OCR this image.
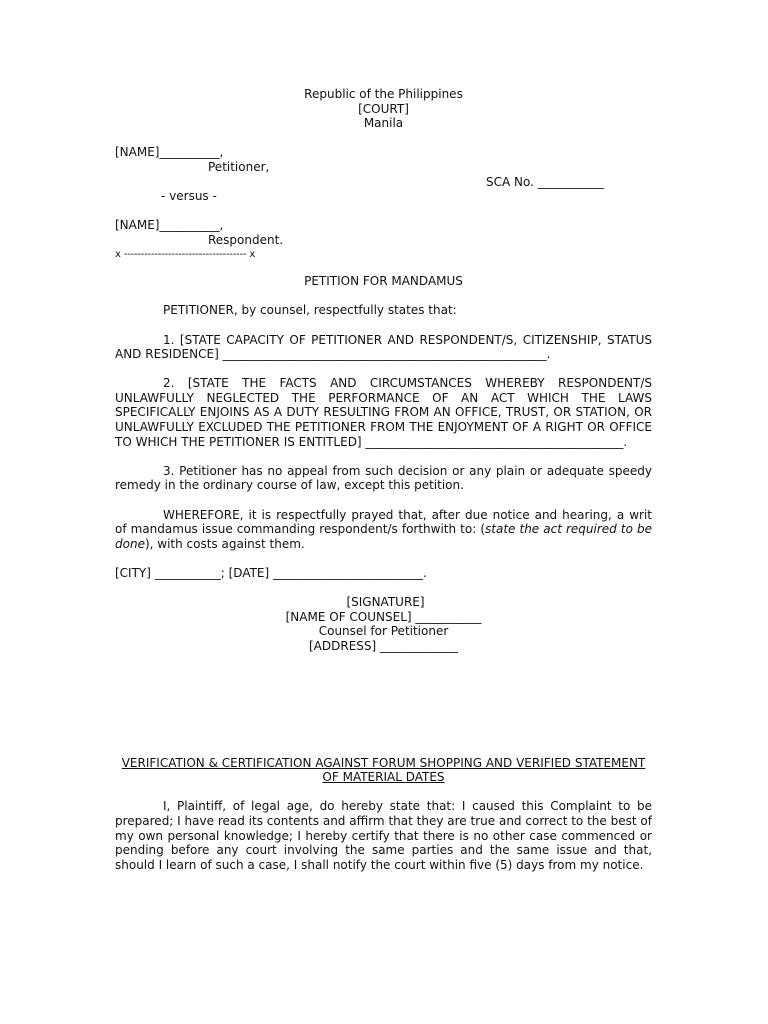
Republic of the Philippines
[COURT]
Manila
[NAME]__________,
Petitioner,
SCA No. ___________
- versus -
[NAME]__________,
Respondent.
x ------------------------------------ x
PETITION FOR MANDAMUS

PETITIONER, by counsel, respectfully states that:

1. [STATE CAPACITY OF PETITIONER AND RESPONDENT/S, CITIZENSHIP, STATUS AND RESIDENCE] ______________________________________________________.

2. [STATE THE FACTS AND CIRCUMSTANCES WHEREBY RESPONDENT/S UNLAWFULLY NEGLECTED THE PERFORMANCE OF AN ACT WHICH THE LAWS SPECIFICALLY ENJOINS AS A DUTY RESULTING FROM AN OFFICE, TRUST, OR STATION, OR UNLAWFULLY EXCLUDED THE PETITIONER FROM THE ENJOYMENT OF A RIGHT OR OFFICE TO WHICH THE PETITIONER IS ENTITLED] ___________________________________________.

3. Petitioner has no appeal from such decision or any plain or adequate speedy remedy in the ordinary course of law, except this petition.

WHEREFORE, it is respectfully prayed that, after due notice and hearing, a writ of mandamus issue commanding respondent/s forthwith to: (state the act required to be done), with costs against them.

[CITY] ___________; [DATE] _________________________.

[SIGNATURE]
[NAME OF COUNSEL] ___________
Counsel for Petitioner
[ADDRESS] _____________
VERIFICATION & CERTIFICATION AGAINST FORUM SHOPPING AND VERIFIED STATEMENT OF MATERIAL DATES

I, Plaintiff, of legal age, do hereby state that: I caused this Complaint to be prepared; I have read its contents and affirm that they are true and correct to the best of my own personal knowledge; I hereby certify that there is no other case commenced or pending before any court involving the same parties and the same issue and that, should I learn of such a case, I shall notify the court within five (5) days from my notice.
